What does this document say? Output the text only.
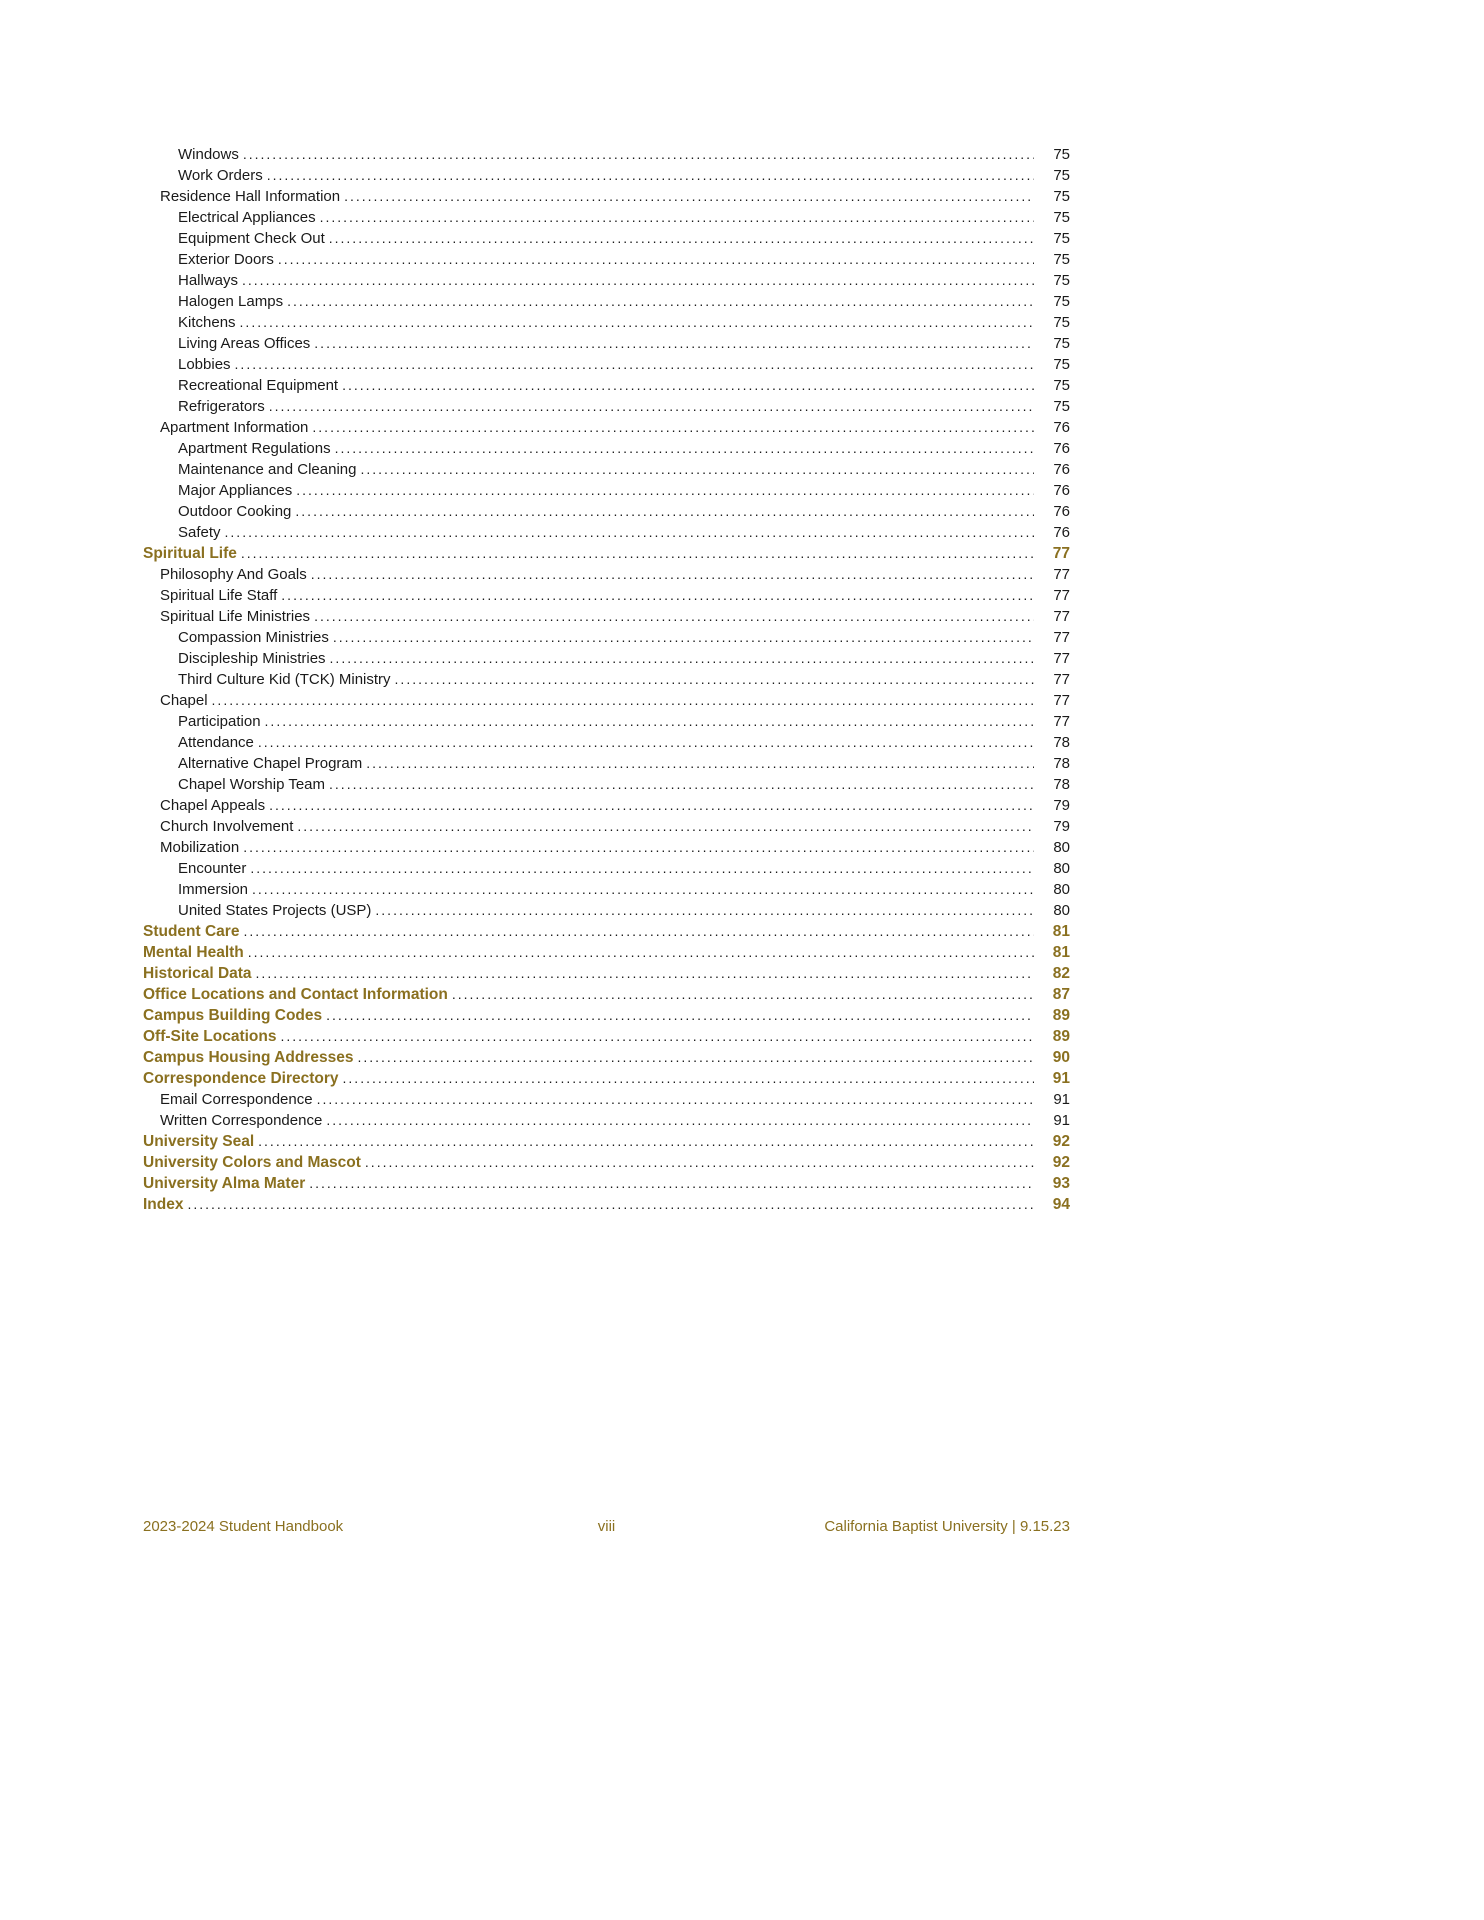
Windows .....	75
Work Orders .....	75
Residence Hall Information .....	75
Electrical Appliances .....	75
Equipment Check Out .....	75
Exterior Doors .....	75
Hallways .....	75
Halogen Lamps .....	75
Kitchens .....	75
Living Areas Offices .....	75
Lobbies .....	75
Recreational Equipment .....	75
Refrigerators .....	75
Apartment Information .....	76
Apartment Regulations .....	76
Maintenance and Cleaning .....	76
Major Appliances .....	76
Outdoor Cooking .....	76
Safety .....	76
Spiritual Life .....	77
Philosophy And Goals .....	77
Spiritual Life Staff .....	77
Spiritual Life Ministries .....	77
Compassion Ministries .....	77
Discipleship Ministries .....	77
Third Culture Kid (TCK) Ministry .....	77
Chapel .....	77
Participation .....	77
Attendance .....	78
Alternative Chapel Program .....	78
Chapel Worship Team .....	78
Chapel Appeals .....	79
Church Involvement .....	79
Mobilization .....	80
Encounter .....	80
Immersion .....	80
United States Projects (USP) .....	80
Student Care .....	81
Mental Health .....	81
Historical Data .....	82
Office Locations and Contact Information .....	87
Campus Building Codes .....	89
Off-Site Locations .....	89
Campus Housing Addresses .....	90
Correspondence Directory .....	91
Email Correspondence .....	91
Written Correspondence .....	91
University Seal .....	92
University Colors and Mascot .....	92
University Alma Mater .....	93
Index .....	94
2023-2024 Student Handbook	viii	California Baptist University | 9.15.23
